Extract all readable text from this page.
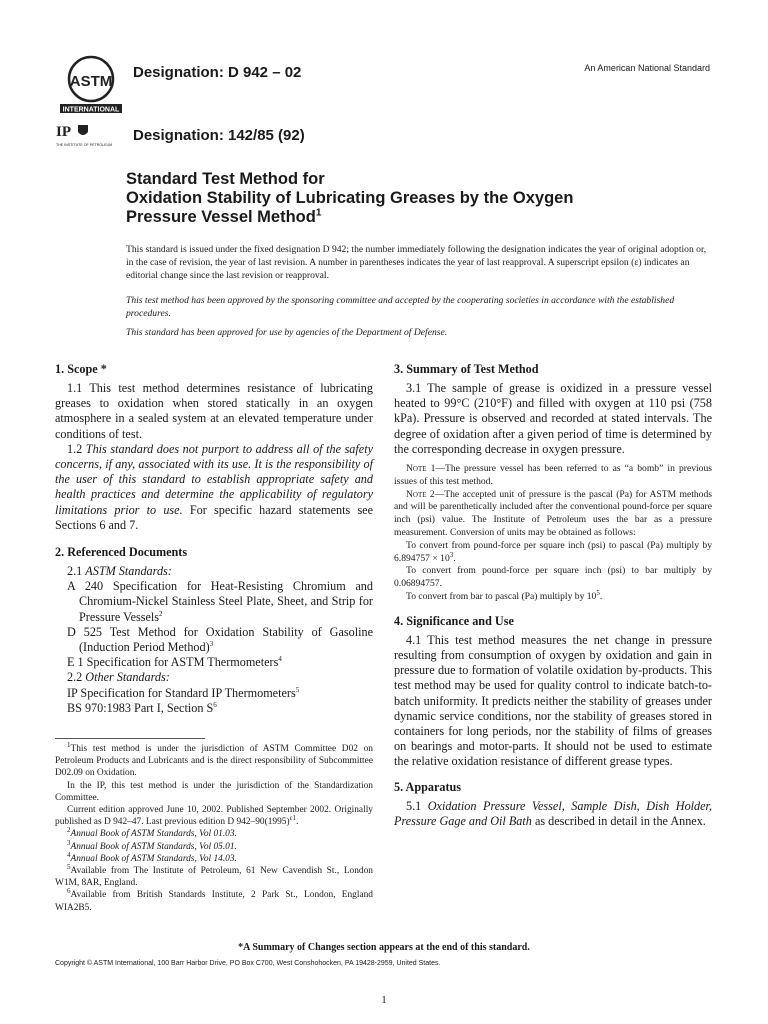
ASTM
INTERNATIONAL
IP
THE INSTITUTE OF PETROLEUM
Designation: D 942 – 02
Designation: 142/85 (92)
An American National Standard
Standard Test Method for
Oxidation Stability of Lubricating Greases by the Oxygen
Pressure Vessel Method$^1$
This standard is issued under the fixed designation D 942; the number immediately following the designation indicates the year of original adoption or, in the case of revision, the year of last revision. A number in parentheses indicates the year of last reapproval. A superscript epsilon (ε) indicates an editorial change since the last revision or reapproval.
This test method has been approved by the sponsoring committee and accepted by the cooperating societies in accordance with the established procedures.
This standard has been approved for use by agencies of the Department of Defense.
1. Scope *

1.1 This test method determines resistance of lubricating greases to oxidation when stored statically in an oxygen atmosphere in a sealed system at an elevated temperature under conditions of test.

1.2 This standard does not purport to address all of the safety concerns, if any, associated with its use. It is the responsibility of the user of this standard to establish appropriate safety and health practices and determine the applicability of regulatory limitations prior to use. For specific hazard statements see Sections 6 and 7.

2. Referenced Documents

2.1 ASTM Standards:

A 240 Specification for Heat-Resisting Chromium and Chromium-Nickel Stainless Steel Plate, Sheet, and Strip for Pressure Vessels$^2$

D 525 Test Method for Oxidation Stability of Gasoline (Induction Period Method)$^3$

E 1 Specification for ASTM Thermometers$^4$

2.2 Other Standards:

IP Specification for Standard IP Thermometers$^5$

BS 970:1983 Part I, Section $S^6$

$^1$This test method is under the jurisdiction of ASTM Committee D02 on Petroleum Products and Lubricants and is the direct responsibility of Subcommittee D02.09 on Oxidation.

In the IP, this test method is under the jurisdiction of the Standardization Committee.

Current edition approved June 10, 2002. Published September 2002. Originally published as D 942–47. Last previous edition D $942-90(1995)^{\varepsilon 1}$.

$^2$Annual Book of ASTM Standards, Vol 01.03.

$^3$Annual Book of ASTM Standards, Vol 05.01.

$^4$Annual Book of ASTM Standards, Vol 14.03.

$^5$Available from The Institute of Petroleum, 61 New Cavendish St., London W1M, 8AR, England.

$^6$Available from British Standards Institute, 2 Park St., London, England WIA2B5.

3. Summary of Test Method

3.1 The sample of grease is oxidized in a pressure vessel heated to 99°C (210°F) and filled with oxygen at 110 psi (758 kPa). Pressure is observed and recorded at stated intervals. The degree of oxidation after a given period of time is determined by the corresponding decrease in oxygen pressure.

Note 1—The pressure vessel has been referred to as “a bomb” in previous issues of this test method.

Note 2—The accepted unit of pressure is the pascal (Pa) for ASTM methods and will be parenthetically included after the conventional pound-force per square inch (psi) value. The Institute of Petroleum uses the bar as a pressure measurement. Conversion of units may be obtained as follows:

To convert from pound-force per square inch (psi) to pascal (Pa) multiply by $6.894757 \times 10^3$.

To convert from pound-force per square inch (psi) to bar multiply by 0.06894757.

To convert from bar to pascal (Pa) multiply by $10^5$.

4. Significance and Use

4.1 This test method measures the net change in pressure resulting from consumption of oxygen by oxidation and gain in pressure due to formation of volatile oxidation by-products. This test method may be used for quality control to indicate batch-to-batch uniformity. It predicts neither the stability of greases under dynamic service conditions, nor the stability of greases stored in containers for long periods, nor the stability of films of greases on bearings and motor-parts. It should not be used to estimate the relative oxidation resistance of different grease types.

5. Apparatus

5.1 Oxidation Pressure Vessel, Sample Dish, Dish Holder, Pressure Gage and Oil Bath as described in detail in the Annex.

*A Summary of Changes section appears at the end of this standard.
Copyright © ASTM International, 100 Barr Harbor Drive, PO Box C700, West Conshohocken, PA 19428-2959, United States.
1
